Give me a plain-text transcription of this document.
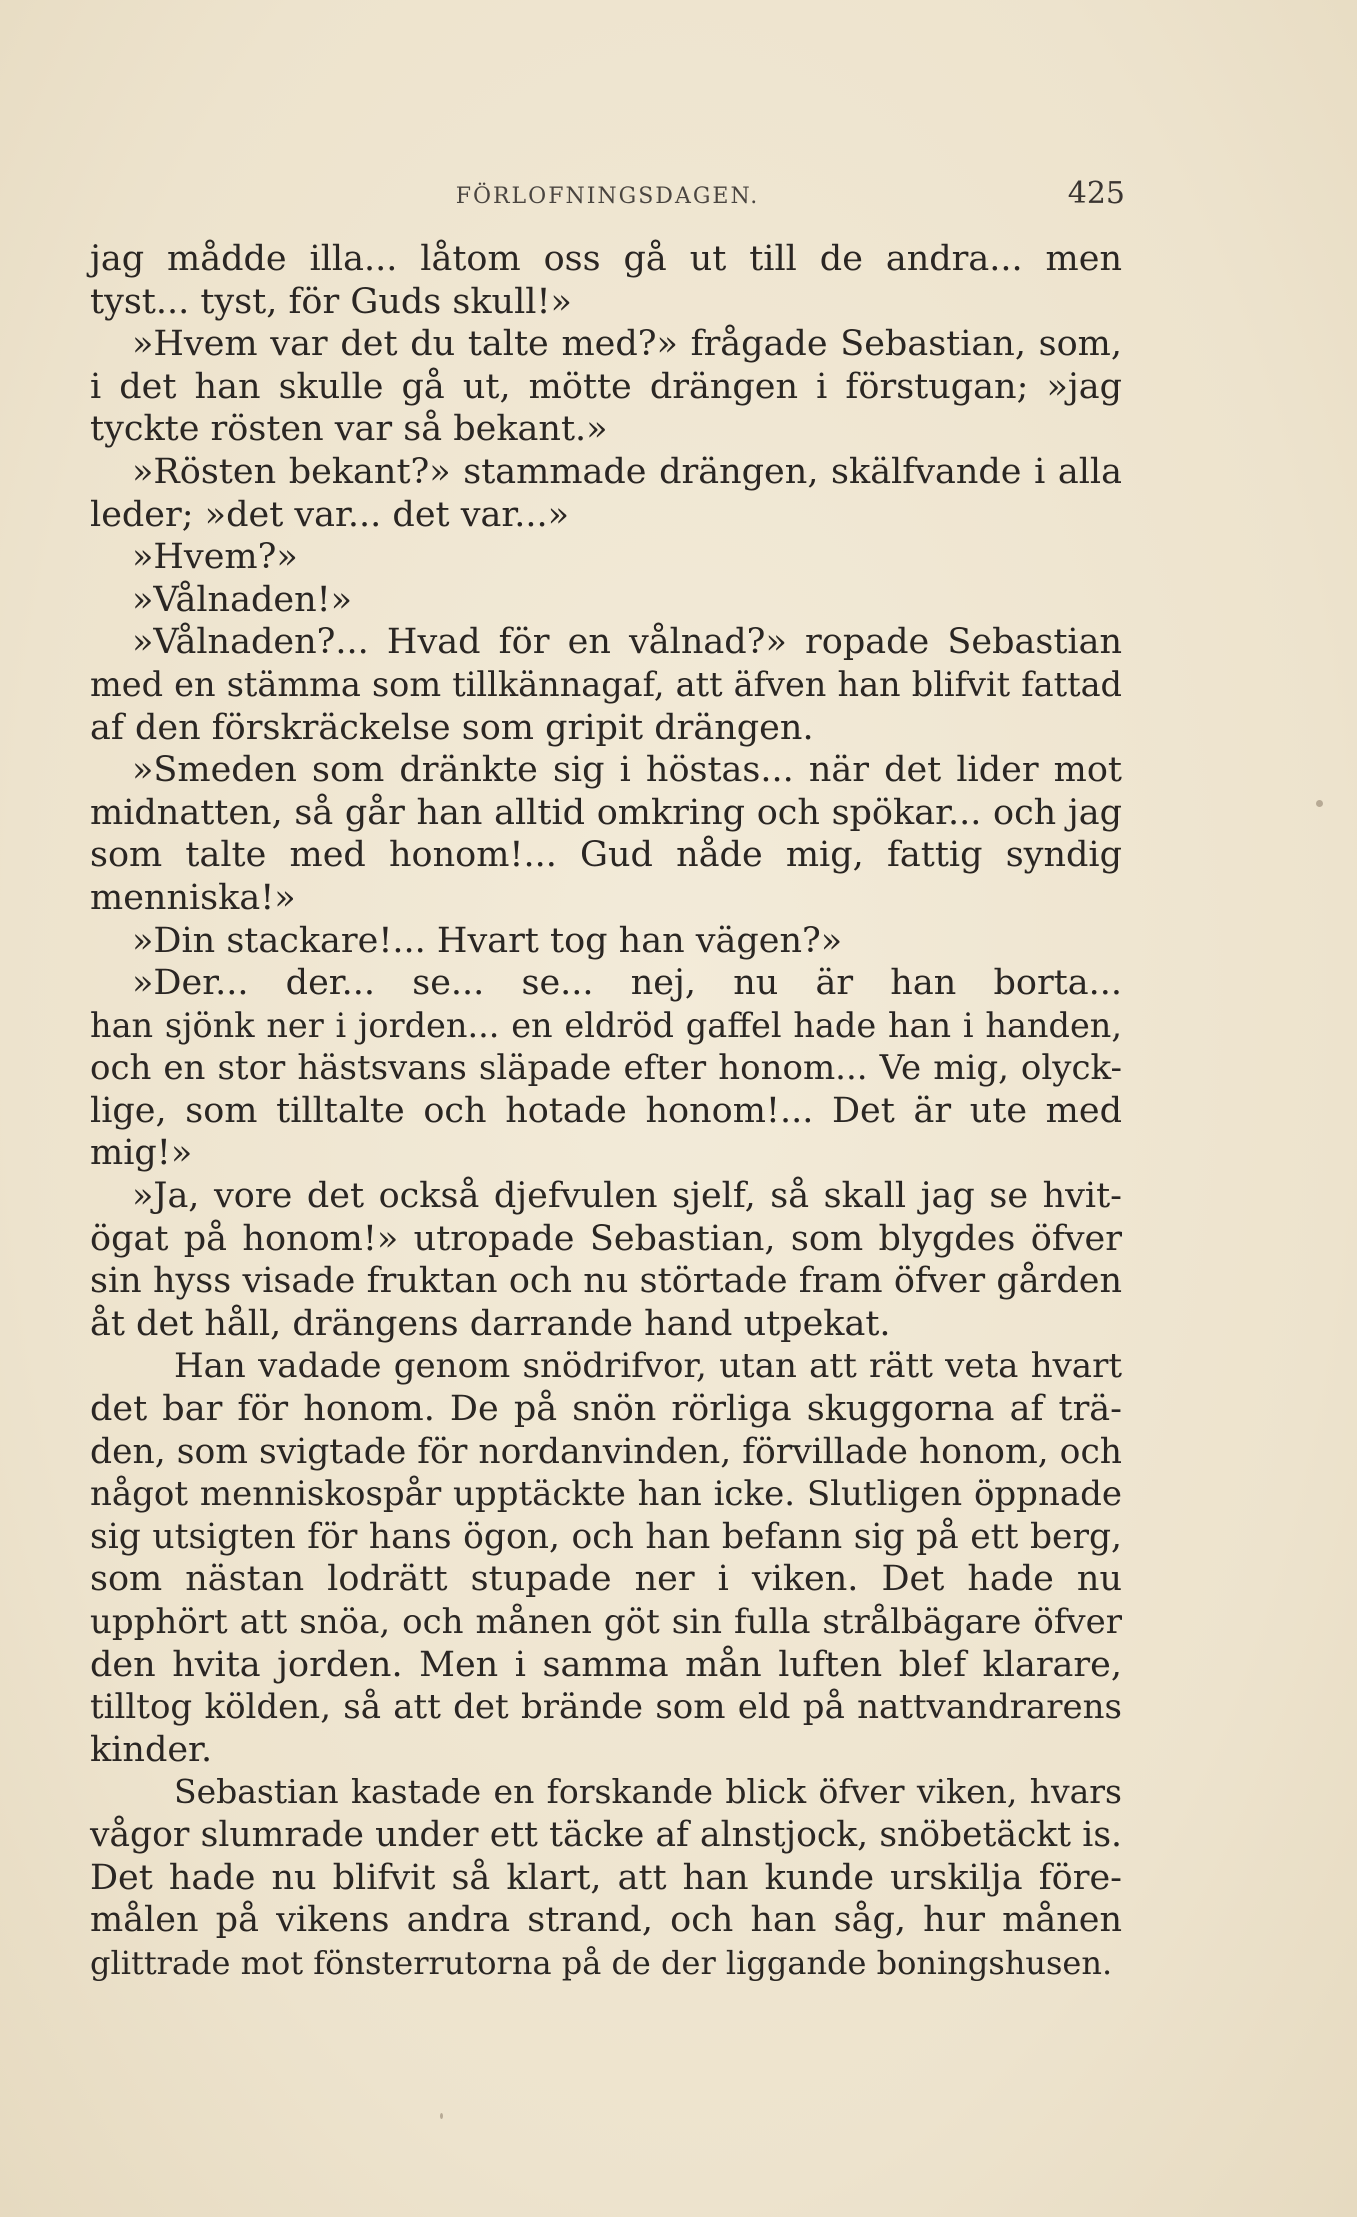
FÖRLOFNINGSDAGEN.	425
jag mådde illa... låtom oss gå ut till de andra... men
tyst... tyst, för Guds skull!»
»Hvem var det du talte med?» frågade Sebastian, som,
i det han skulle gå ut, mötte drängen i förstugan; »jag
tyckte rösten var så bekant.»
»Rösten bekant?» stammade drängen, skälfvande i alla
leder; »det var... det var...»
»Hvem?»
»Vålnaden!»
»Vålnaden?... Hvad för en vålnad?» ropade Sebastian
med en stämma som tillkännagaf, att äfven han blifvit fattad
af den förskräckelse som gripit drängen.
»Smeden som dränkte sig i höstas... när det lider mot
midnatten, så går han alltid omkring och spökar... och jag
som talte med honom!... Gud nåde mig, fattig syndig
menniska!»
»Din stackare!... Hvart tog han vägen?»
»Der... der... se... se... nej, nu är han borta...
han sjönk ner i jorden... en eldröd gaffel hade han i handen,
och en stor hästsvans släpade efter honom... Ve mig, olyck-
lige, som tilltalte och hotade honom!... Det är ute med
mig!»
»Ja, vore det också djefvulen sjelf, så skall jag se hvit-
ögat på honom!» utropade Sebastian, som blygdes öfver
sin hyss visade fruktan och nu störtade fram öfver gården
åt det håll, drängens darrande hand utpekat.
Han vadade genom snödrifvor, utan att rätt veta hvart
det bar för honom. De på snön rörliga skuggorna af trä-
den, som svigtade för nordanvinden, förvillade honom, och
något menniskospår upptäckte han icke. Slutligen öppnade
sig utsigten för hans ögon, och han befann sig på ett berg,
som nästan lodrätt stupade ner i viken. Det hade nu
upphört att snöa, och månen göt sin fulla strålbägare öfver
den hvita jorden. Men i samma mån luften blef klarare,
tilltog kölden, så att det brände som eld på nattvandrarens
kinder.
Sebastian kastade en forskande blick öfver viken, hvars
vågor slumrade under ett täcke af alnstjock, snöbetäckt is.
Det hade nu blifvit så klart, att han kunde urskilja före-
målen på vikens andra strand, och han såg, hur månen
glittrade mot fönsterrutorna på de der liggande boningshusen.
